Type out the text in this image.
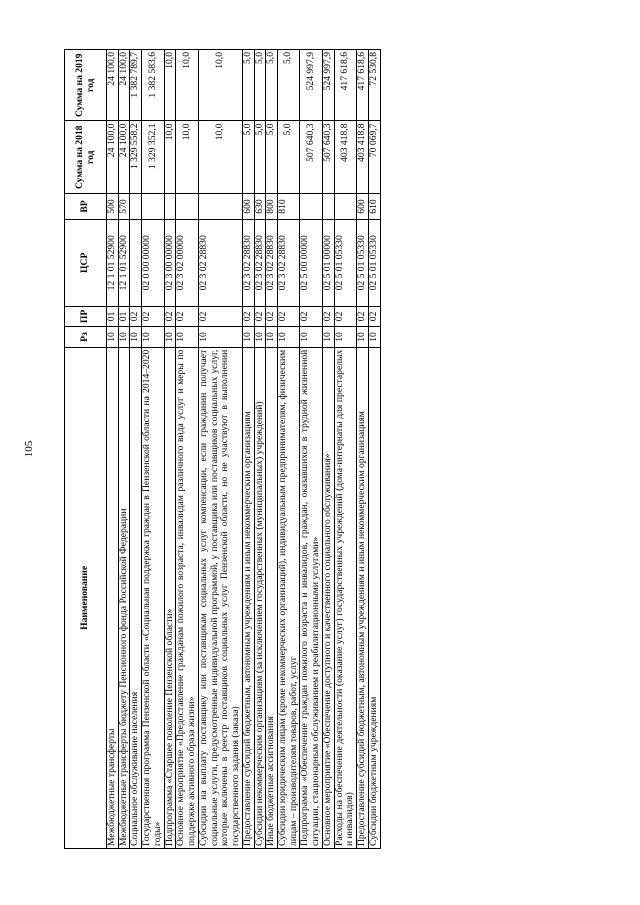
105
Наименование	Рз	ПР	ЦСР	ВР	Сумма на 2018 год	Сумма на 2019 год
Межбюджетные трансферты	10	01	12 1 01 52900	500	24 100,0	24 100,0
Межбюджетные трансферты бюджету Пенсионного фонда Российской Федерации	10	01	12 1 01 52900	570	24 100,0	24 100,0
Социальное обслуживание населения	10	02			1 329 558,2	1 382 789,7
Государственная программа Пензенской области «Социальная поддержка граждан в Пензенской области на 2014–2020 годы»	10	02	02 0 00 00000		1 329 352,1	1 382 583,6
Подпрограмма «Старшее поколение Пензенской области»	10	02	02 3 00 00000		10,0	10,0
Основное мероприятие «Предоставление гражданам пожилого возраста, инвалидам различного вида услуг и меры по поддержке активного образа жизни»	10	02	02 3 02 00000		10,0	10,0
Субсидии на выплату поставщику или поставщикам социальных услуг компенсации, если гражданин получает социальные услуги, предусмотренные индивидуальной программой, у поставщика или поставщиков социальных услуг, которые включены в реестр поставщиков социальных услуг Пензенской области, но не участвуют в выполнении государственного задания (заказа)	10	02	02 3 02 28830		10,0	10,0
Предоставление субсидий бюджетным, автономным учреждениям и иным некоммерческим организациям	10	02	02 3 02 28830	600	5,0	5,0
Субсидии некоммерческим организациям (за исключением государственных (муниципальных) учреждений)	10	02	02 3 02 28830	630	5,0	5,0
Иные бюджетные ассигнования	10	02	02 3 02 28830	800	5,0	5,0
Субсидии юридическим лицам (кроме некоммерческих организаций), индивидуальным предпринимателям, физическим лицам – производителям товаров, работ, услуг	10	02	02 3 02 28830	810	5,0	5,0
Подпрограмма «Обеспечение граждан пожилого возраста и инвалидов, граждан, оказавшихся в трудной жизненной ситуации, стационарным обслуживанием и реабилитационными услугами»	10	02	02 5 00 00000		507 640,3	524 997,9
Основное мероприятие «Обеспечение доступного и качественного социального обслуживания»	10	02	02 5 01 00000		507 640,3	524 997,9
Расходы на обеспечение деятельности (оказание услуг) государственных учреждений (дома-интернаты для престарелых и инвалидов)	10	02	02 5 01 05330		403 418,8	417 618,6
Предоставление субсидий бюджетным, автономным учреждениям и иным некоммерческим организациям	10	02	02 5 01 05330	600	403 418,8	417 618,6
Субсидии бюджетным учреждениям	10	02	02 5 01 05330	610	70 069,7	72 530,8
